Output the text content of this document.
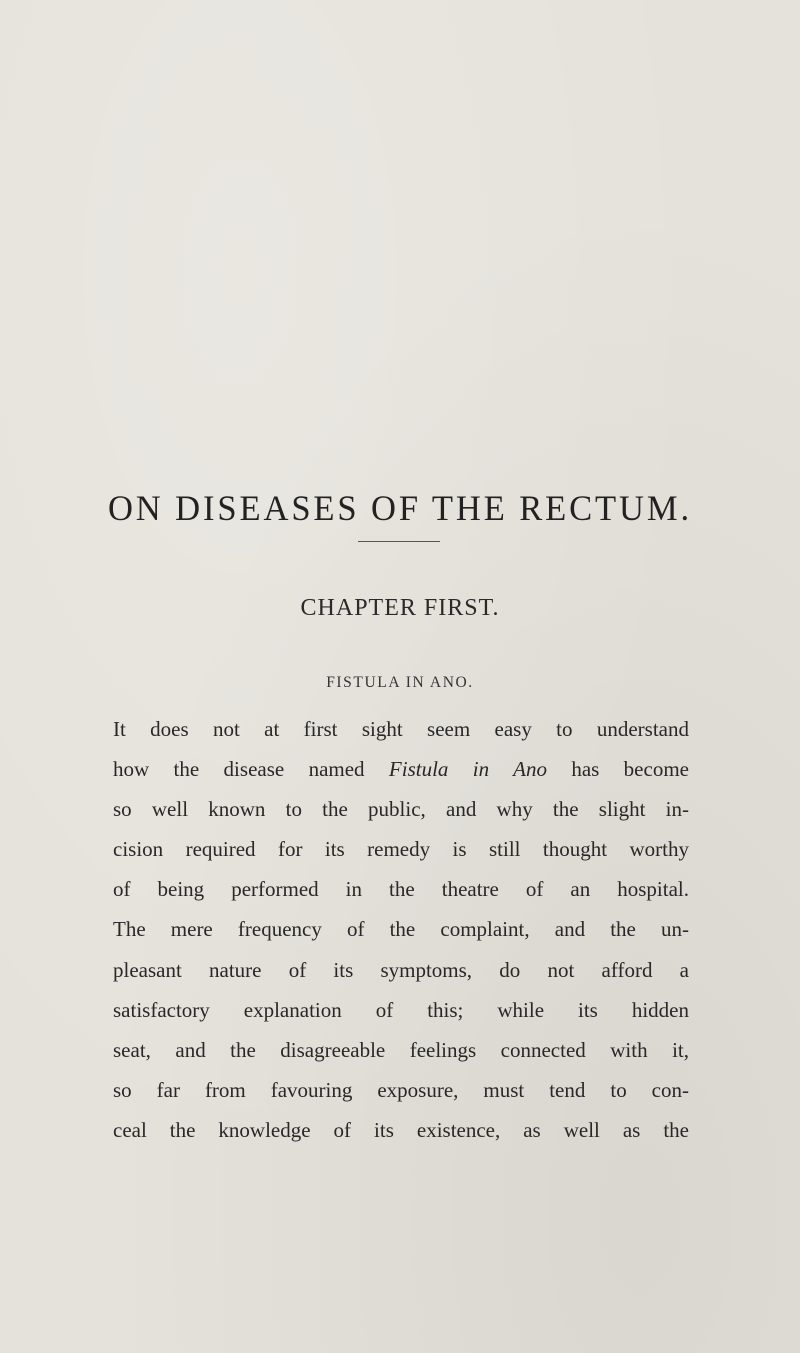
ON DISEASES OF THE RECTUM.
CHAPTER FIRST.
FISTULA IN ANO.
It does not at first sight seem easy to understand
how the disease named Fistula in Ano has become
so well known to the public, and why the slight in-
cision required for its remedy is still thought worthy
of being performed in the theatre of an hospital.
The mere frequency of the complaint, and the un-
pleasant nature of its symptoms, do not afford a
satisfactory explanation of this; while its hidden
seat, and the disagreeable feelings connected with it,
so far from favouring exposure, must tend to con-
ceal the knowledge of its existence, as well as the
